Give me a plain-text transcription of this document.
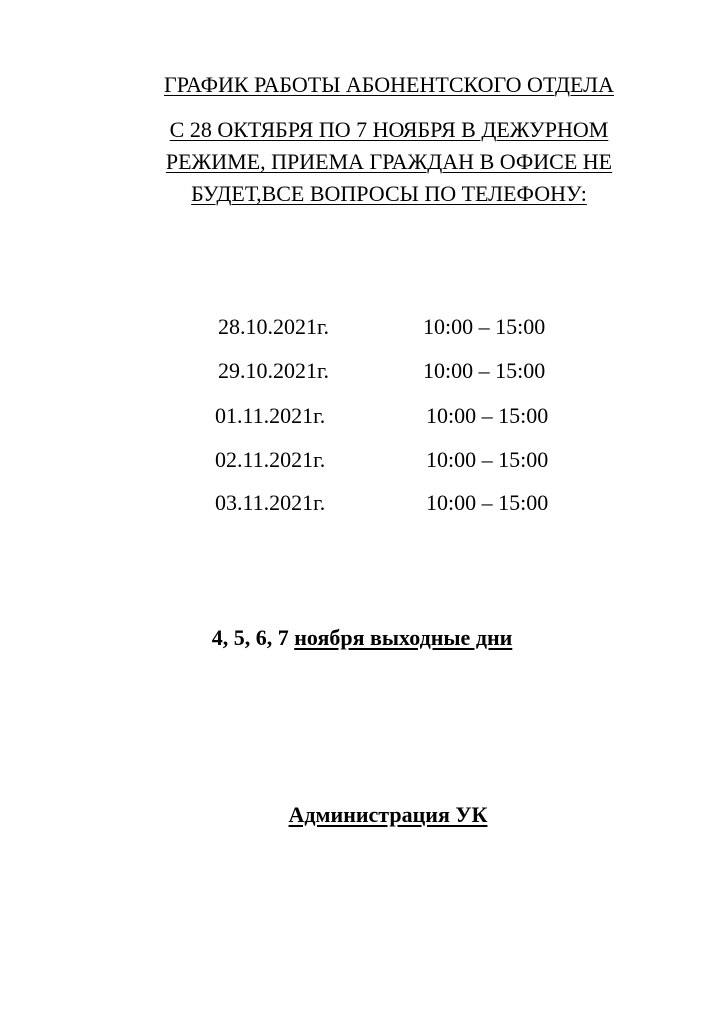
ГРАФИК РАБОТЫ АБОНЕНТСКОГО ОТДЕЛА
С 28 ОКТЯБРЯ ПО 7 НОЯБРЯ В ДЕЖУРНОМ
РЕЖИМЕ, ПРИЕМА ГРАЖДАН В ОФИСЕ НЕ
БУДЕТ,ВСЕ ВОПРОСЫ ПО ТЕЛЕФОНУ:
28.10.2021г.	10:00 – 15:00
29.10.2021г.	10:00 – 15:00
01.11.2021г.	10:00 – 15:00
02.11.2021г.	10:00 – 15:00
03.11.2021г.	10:00 – 15:00
4, 5, 6, 7 ноября выходные дни
Администрация УК
